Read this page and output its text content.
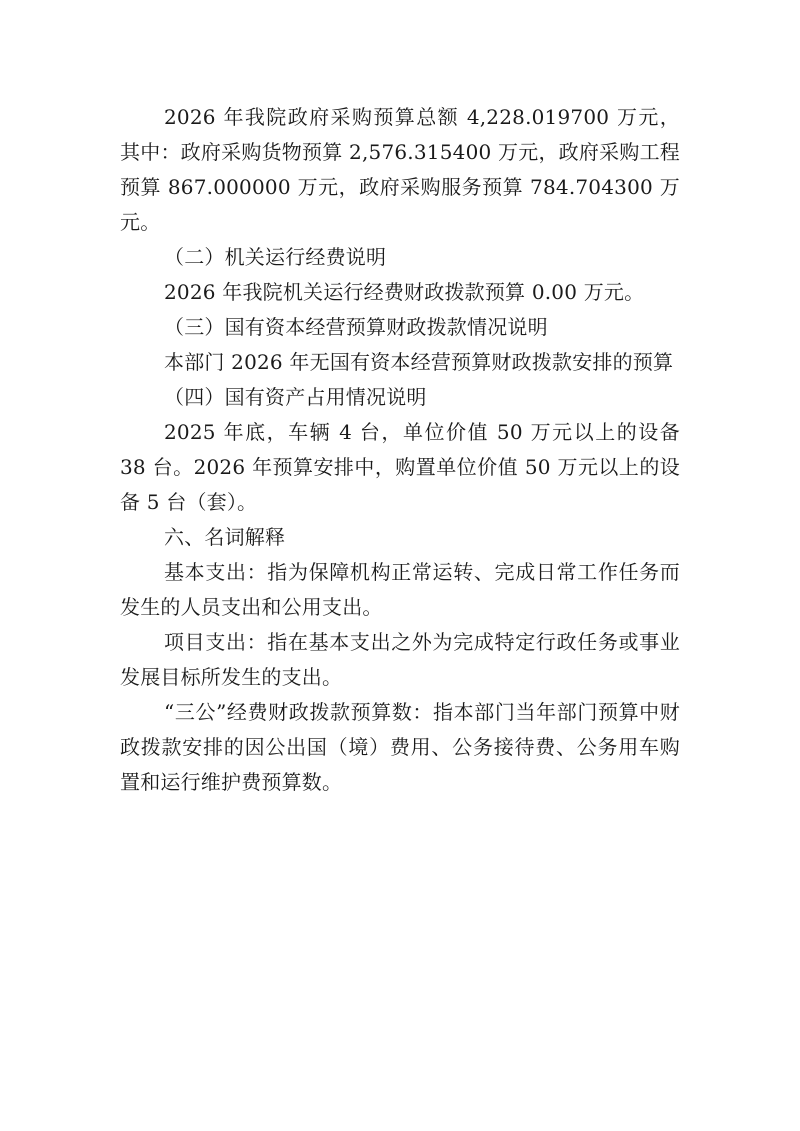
2026 年我院政府采购预算总额 4,228.019700 万元，其中：政府采购货物预算 2,576.315400 万元，政府采购工程预算 867.000000 万元，政府采购服务预算 784.704300 万元。

（二）机关运行经费说明

2026 年我院机关运行经费财政拨款预算 0.00 万元。

（三）国有资本经营预算财政拨款情况说明

本部门 2026 年无国有资本经营预算财政拨款安排的预算

（四）国有资产占用情况说明

2025 年底，车辆 4 台，单位价值 50 万元以上的设备 38 台。2026 年预算安排中，购置单位价值 50 万元以上的设备 5 台（套）。

六、名词解释

基本支出：指为保障机构正常运转、完成日常工作任务而发生的人员支出和公用支出。

项目支出：指在基本支出之外为完成特定行政任务或事业发展目标所发生的支出。

“三公”经费财政拨款预算数：指本部门当年部门预算中财政拨款安排的因公出国（境）费用、公务接待费、公务用车购置和运行维护费预算数。
